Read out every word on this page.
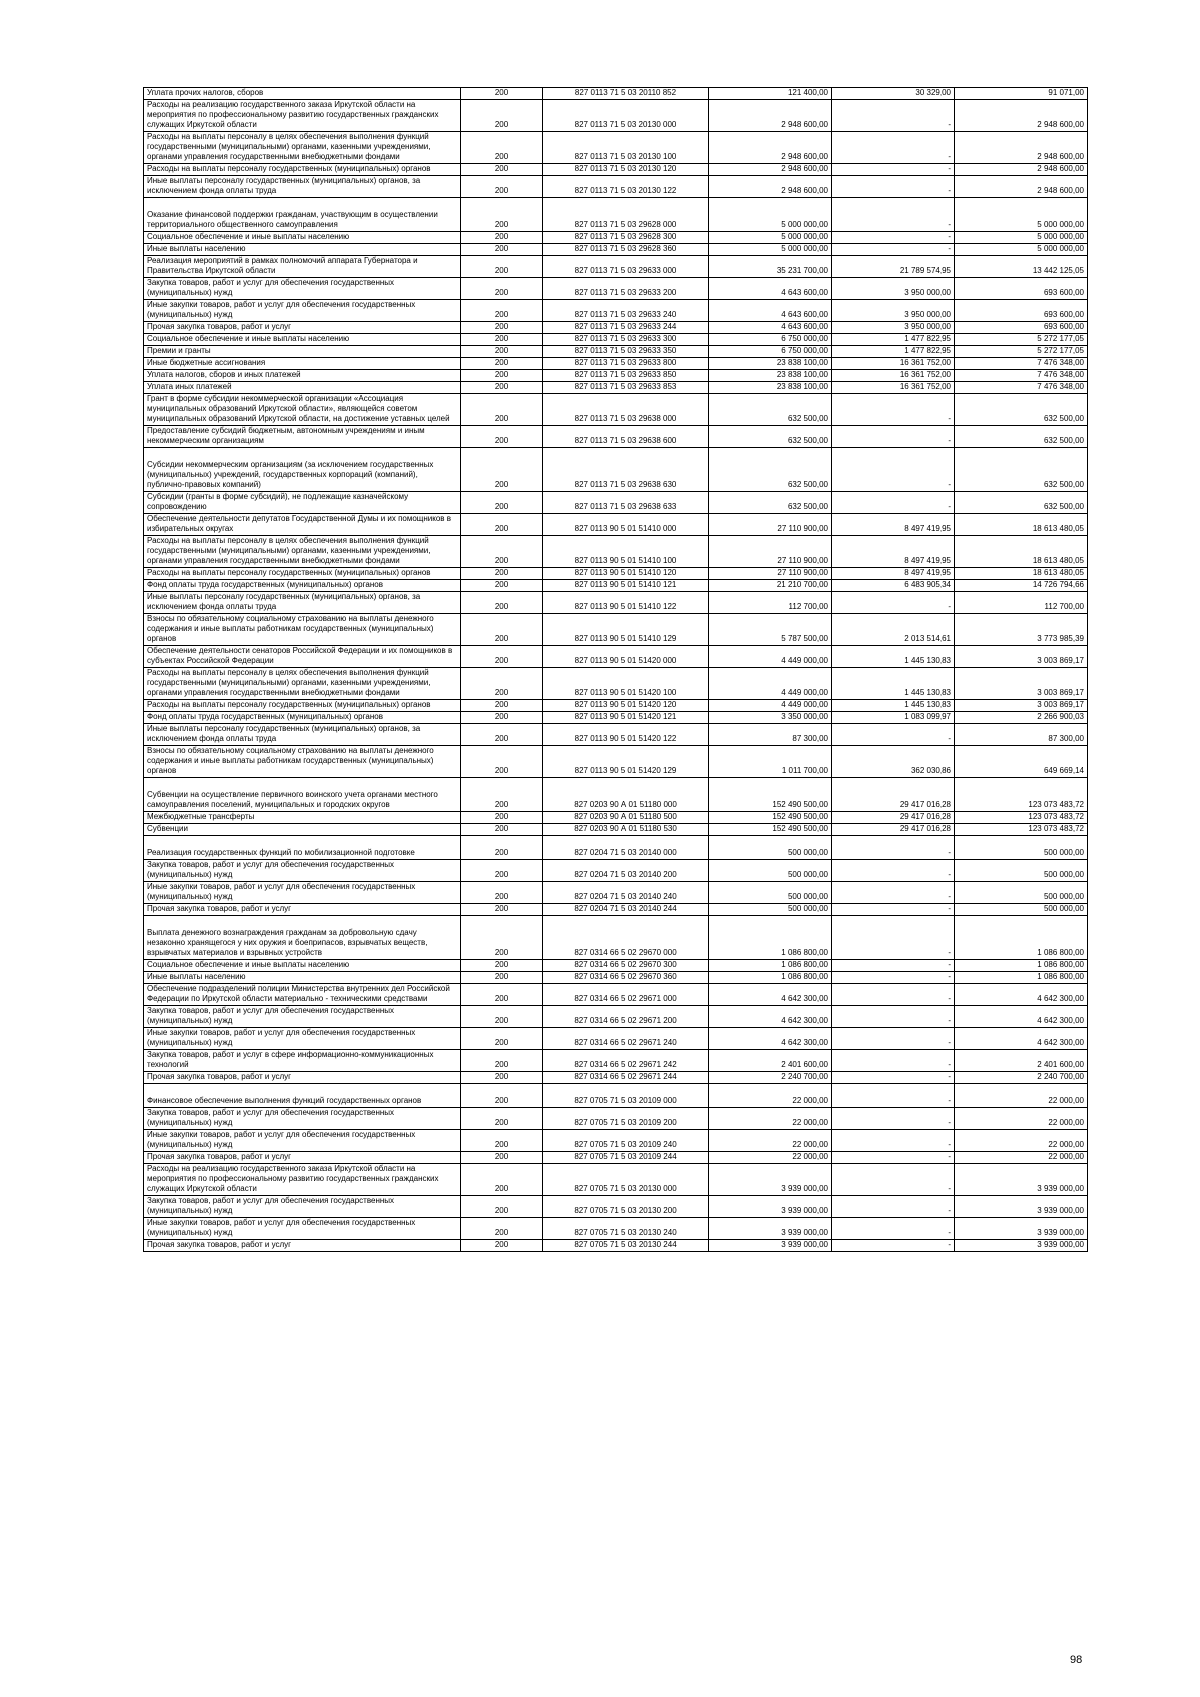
Уплата прочих налогов, сборов	200	827 0113 71 5 03 20110 852	121 400,00	30 329,00	91 071,00
Расходы на реализацию государственного заказа Иркутской области на мероприятия по профессиональному развитию государственных гражданских служащих Иркутской области	200	827 0113 71 5 03 20130 000	2 948 600,00	-	2 948 600,00
Расходы на выплаты персоналу в целях обеспечения выполнения функций государственными (муниципальными) органами, казенными учреждениями, органами управления государственными внебюджетными фондами	200	827 0113 71 5 03 20130 100	2 948 600,00	-	2 948 600,00
Расходы на выплаты персоналу государственных (муниципальных) органов	200	827 0113 71 5 03 20130 120	2 948 600,00	-	2 948 600,00
Иные выплаты персоналу государственных (муниципальных) органов, за исключением фонда оплаты труда	200	827 0113 71 5 03 20130 122	2 948 600,00	-	2 948 600,00
Оказание финансовой поддержки гражданам, участвующим в осуществлении территориального общественного самоуправления	200	827 0113 71 5 03 29628 000	5 000 000,00	-	5 000 000,00
Социальное обеспечение и иные выплаты населению	200	827 0113 71 5 03 29628 300	5 000 000,00	-	5 000 000,00
Иные выплаты населению	200	827 0113 71 5 03 29628 360	5 000 000,00	-	5 000 000,00
Реализация мероприятий в рамках полномочий аппарата Губернатора и Правительства Иркутской области	200	827 0113 71 5 03 29633 000	35 231 700,00	21 789 574,95	13 442 125,05
Закупка товаров, работ и услуг для обеспечения государственных (муниципальных) нужд	200	827 0113 71 5 03 29633 200	4 643 600,00	3 950 000,00	693 600,00
Иные закупки товаров, работ и услуг для обеспечения государственных (муниципальных) нужд	200	827 0113 71 5 03 29633 240	4 643 600,00	3 950 000,00	693 600,00
Прочая закупка товаров, работ и услуг	200	827 0113 71 5 03 29633 244	4 643 600,00	3 950 000,00	693 600,00
Социальное обеспечение и иные выплаты населению	200	827 0113 71 5 03 29633 300	6 750 000,00	1 477 822,95	5 272 177,05
Премии и гранты	200	827 0113 71 5 03 29633 350	6 750 000,00	1 477 822,95	5 272 177,05
Иные бюджетные ассигнования	200	827 0113 71 5 03 29633 800	23 838 100,00	16 361 752,00	7 476 348,00
Уплата налогов, сборов и иных платежей	200	827 0113 71 5 03 29633 850	23 838 100,00	16 361 752,00	7 476 348,00
Уплата иных платежей	200	827 0113 71 5 03 29633 853	23 838 100,00	16 361 752,00	7 476 348,00
Грант в форме субсидии некоммерческой организации «Ассоциация муниципальных образований Иркутской области», являющейся советом муниципальных образований Иркутской области, на достижение уставных целей	200	827 0113 71 5 03 29638 000	632 500,00	-	632 500,00
Предоставление субсидий бюджетным, автономным учреждениям и иным некоммерческим организациям	200	827 0113 71 5 03 29638 600	632 500,00	-	632 500,00
Субсидии некоммерческим организациям (за исключением государственных (муниципальных) учреждений, государственных корпораций (компаний), публично-правовых компаний)	200	827 0113 71 5 03 29638 630	632 500,00	-	632 500,00
Субсидии (гранты в форме субсидий), не подлежащие казначейскому сопровождению	200	827 0113 71 5 03 29638 633	632 500,00	-	632 500,00
Обеспечение деятельности депутатов Государственной Думы и их помощников в избирательных округах	200	827 0113 90 5 01 51410 000	27 110 900,00	8 497 419,95	18 613 480,05
Расходы на выплаты персоналу в целях обеспечения выполнения функций государственными (муниципальными) органами, казенными учреждениями, органами управления государственными внебюджетными фондами	200	827 0113 90 5 01 51410 100	27 110 900,00	8 497 419,95	18 613 480,05
Расходы на выплаты персоналу государственных (муниципальных) органов	200	827 0113 90 5 01 51410 120	27 110 900,00	8 497 419,95	18 613 480,05
Фонд оплаты труда государственных (муниципальных) органов	200	827 0113 90 5 01 51410 121	21 210 700,00	6 483 905,34	14 726 794,66
Иные выплаты персоналу государственных (муниципальных) органов, за исключением фонда оплаты труда	200	827 0113 90 5 01 51410 122	112 700,00	-	112 700,00
Взносы по обязательному социальному страхованию на выплаты денежного содержания и иные выплаты работникам государственных (муниципальных) органов	200	827 0113 90 5 01 51410 129	5 787 500,00	2 013 514,61	3 773 985,39
Обеспечение деятельности сенаторов Российской Федерации и их помощников в субъектах Российской Федерации	200	827 0113 90 5 01 51420 000	4 449 000,00	1 445 130,83	3 003 869,17
Расходы на выплаты персоналу в целях обеспечения выполнения функций государственными (муниципальными) органами, казенными учреждениями, органами управления государственными внебюджетными фондами	200	827 0113 90 5 01 51420 100	4 449 000,00	1 445 130,83	3 003 869,17
Расходы на выплаты персоналу государственных (муниципальных) органов	200	827 0113 90 5 01 51420 120	4 449 000,00	1 445 130,83	3 003 869,17
Фонд оплаты труда государственных (муниципальных) органов	200	827 0113 90 5 01 51420 121	3 350 000,00	1 083 099,97	2 266 900,03
Иные выплаты персоналу государственных (муниципальных) органов, за исключением фонда оплаты труда	200	827 0113 90 5 01 51420 122	87 300,00	-	87 300,00
Взносы по обязательному социальному страхованию на выплаты денежного содержания и иные выплаты работникам государственных (муниципальных) органов	200	827 0113 90 5 01 51420 129	1 011 700,00	362 030,86	649 669,14
Субвенции на осуществление первичного воинского учета органами местного самоуправления поселений, муниципальных и городских округов	200	827 0203 90 А 01 51180 000	152 490 500,00	29 417 016,28	123 073 483,72
Межбюджетные трансферты	200	827 0203 90 А 01 51180 500	152 490 500,00	29 417 016,28	123 073 483,72
Субвенции	200	827 0203 90 А 01 51180 530	152 490 500,00	29 417 016,28	123 073 483,72
Реализация государственных функций по мобилизационной подготовке	200	827 0204 71 5 03 20140 000	500 000,00	-	500 000,00
Закупка товаров, работ и услуг для обеспечения государственных (муниципальных) нужд	200	827 0204 71 5 03 20140 200	500 000,00	-	500 000,00
Иные закупки товаров, работ и услуг для обеспечения государственных (муниципальных) нужд	200	827 0204 71 5 03 20140 240	500 000,00	-	500 000,00
Прочая закупка товаров, работ и услуг	200	827 0204 71 5 03 20140 244	500 000,00	-	500 000,00
Выплата денежного вознаграждения гражданам за добровольную сдачу незаконно хранящегося у них оружия и боеприпасов, взрывчатых веществ, взрывчатых материалов и взрывных устройств	200	827 0314 66 5 02 29670 000	1 086 800,00	-	1 086 800,00
Социальное обеспечение и иные выплаты населению	200	827 0314 66 5 02 29670 300	1 086 800,00	-	1 086 800,00
Иные выплаты населению	200	827 0314 66 5 02 29670 360	1 086 800,00	-	1 086 800,00
Обеспечение подразделений полиции Министерства внутренних дел Российской Федерации по Иркутской области материально - техническими средствами	200	827 0314 66 5 02 29671 000	4 642 300,00	-	4 642 300,00
Закупка товаров, работ и услуг для обеспечения государственных (муниципальных) нужд	200	827 0314 66 5 02 29671 200	4 642 300,00	-	4 642 300,00
Иные закупки товаров, работ и услуг для обеспечения государственных (муниципальных) нужд	200	827 0314 66 5 02 29671 240	4 642 300,00	-	4 642 300,00
Закупка товаров, работ и услуг в сфере информационно-коммуникационных технологий	200	827 0314 66 5 02 29671 242	2 401 600,00	-	2 401 600,00
Прочая закупка товаров, работ и услуг	200	827 0314 66 5 02 29671 244	2 240 700,00	-	2 240 700,00
Финансовое обеспечение выполнения функций государственных органов	200	827 0705 71 5 03 20109 000	22 000,00	-	22 000,00
Закупка товаров, работ и услуг для обеспечения государственных (муниципальных) нужд	200	827 0705 71 5 03 20109 200	22 000,00	-	22 000,00
Иные закупки товаров, работ и услуг для обеспечения государственных (муниципальных) нужд	200	827 0705 71 5 03 20109 240	22 000,00	-	22 000,00
Прочая закупка товаров, работ и услуг	200	827 0705 71 5 03 20109 244	22 000,00	-	22 000,00
Расходы на реализацию государственного заказа Иркутской области на мероприятия по профессиональному развитию государственных гражданских служащих Иркутской области	200	827 0705 71 5 03 20130 000	3 939 000,00	-	3 939 000,00
Закупка товаров, работ и услуг для обеспечения государственных (муниципальных) нужд	200	827 0705 71 5 03 20130 200	3 939 000,00	-	3 939 000,00
Иные закупки товаров, работ и услуг для обеспечения государственных (муниципальных) нужд	200	827 0705 71 5 03 20130 240	3 939 000,00	-	3 939 000,00
Прочая закупка товаров, работ и услуг	200	827 0705 71 5 03 20130 244	3 939 000,00	-	3 939 000,00
98
